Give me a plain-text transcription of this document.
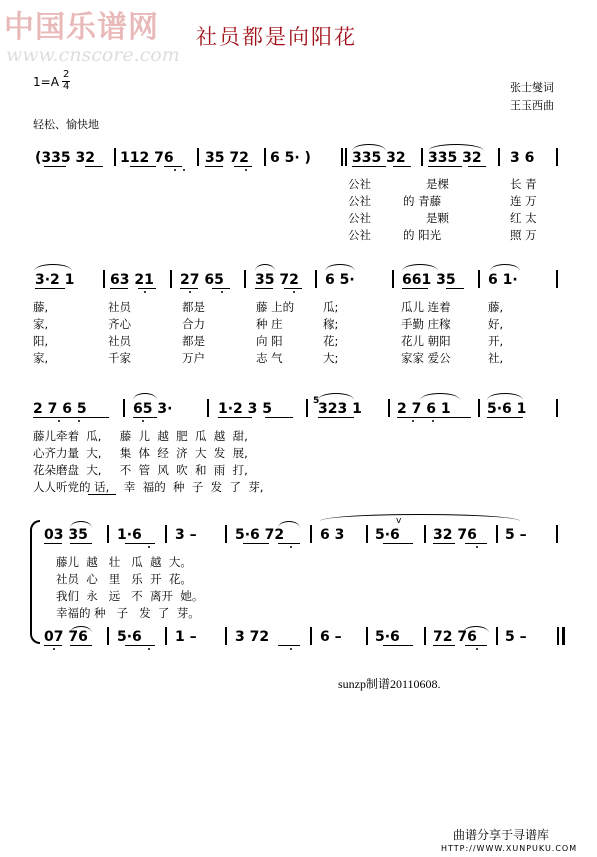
中国乐谱网
www.cnscore.com
社员都是向阳花
1=A
2
4	张士燮词
王玉西曲
轻松、愉快地
(335 32 112 76 35 72 6 5· )	335 32 335 32 3 6
公社	是棵	长 青
公社	的 青藤	连 万
公社	是颗	红 太
公社	的 阳光	照 万
3·2 1	63 21 27 65 35 72 6 5·	661 35 6 1·
藤,	社员	都是	藤 上的	瓜;	瓜儿 连着	藤,
家,	齐心	合力	种 庄	稼;	手勤 庄稼	好,
阳,	社员	都是	向 阳	花;	花儿 朝阳	开,
家,	千家	万户	志 气	大;	家家 爱公	社,
5
2 7 6 5	65 3·	1·2 3 5	323 1	2 7 6 1	5·6 1
藤儿牵着  瓜,     藤  儿  越  肥  瓜  越  甜,
心齐力量  大,     集  体  经  济  大  发  展,
花朵磨盘  大,     不  管  风  吹  和  雨  打,
人人听党的 话,    幸  福的  种  子  发  了  芽,
v
03 35 1·6 3 –	5·6 72	6 3 5·6 32 76 5 –
藤儿  越   壮   瓜  越  大。
社员  心   里   乐  开  花。
我们  永   远   不  离开  她。
幸福的 种   子   发  了  芽。
07 76 5·6 1 –	3 72	6 – 5·6 72 76 5 –
sunzp制谱20110608.
曲谱分享于寻谱库
HTTP://WWW.XUNPUKU.COM
